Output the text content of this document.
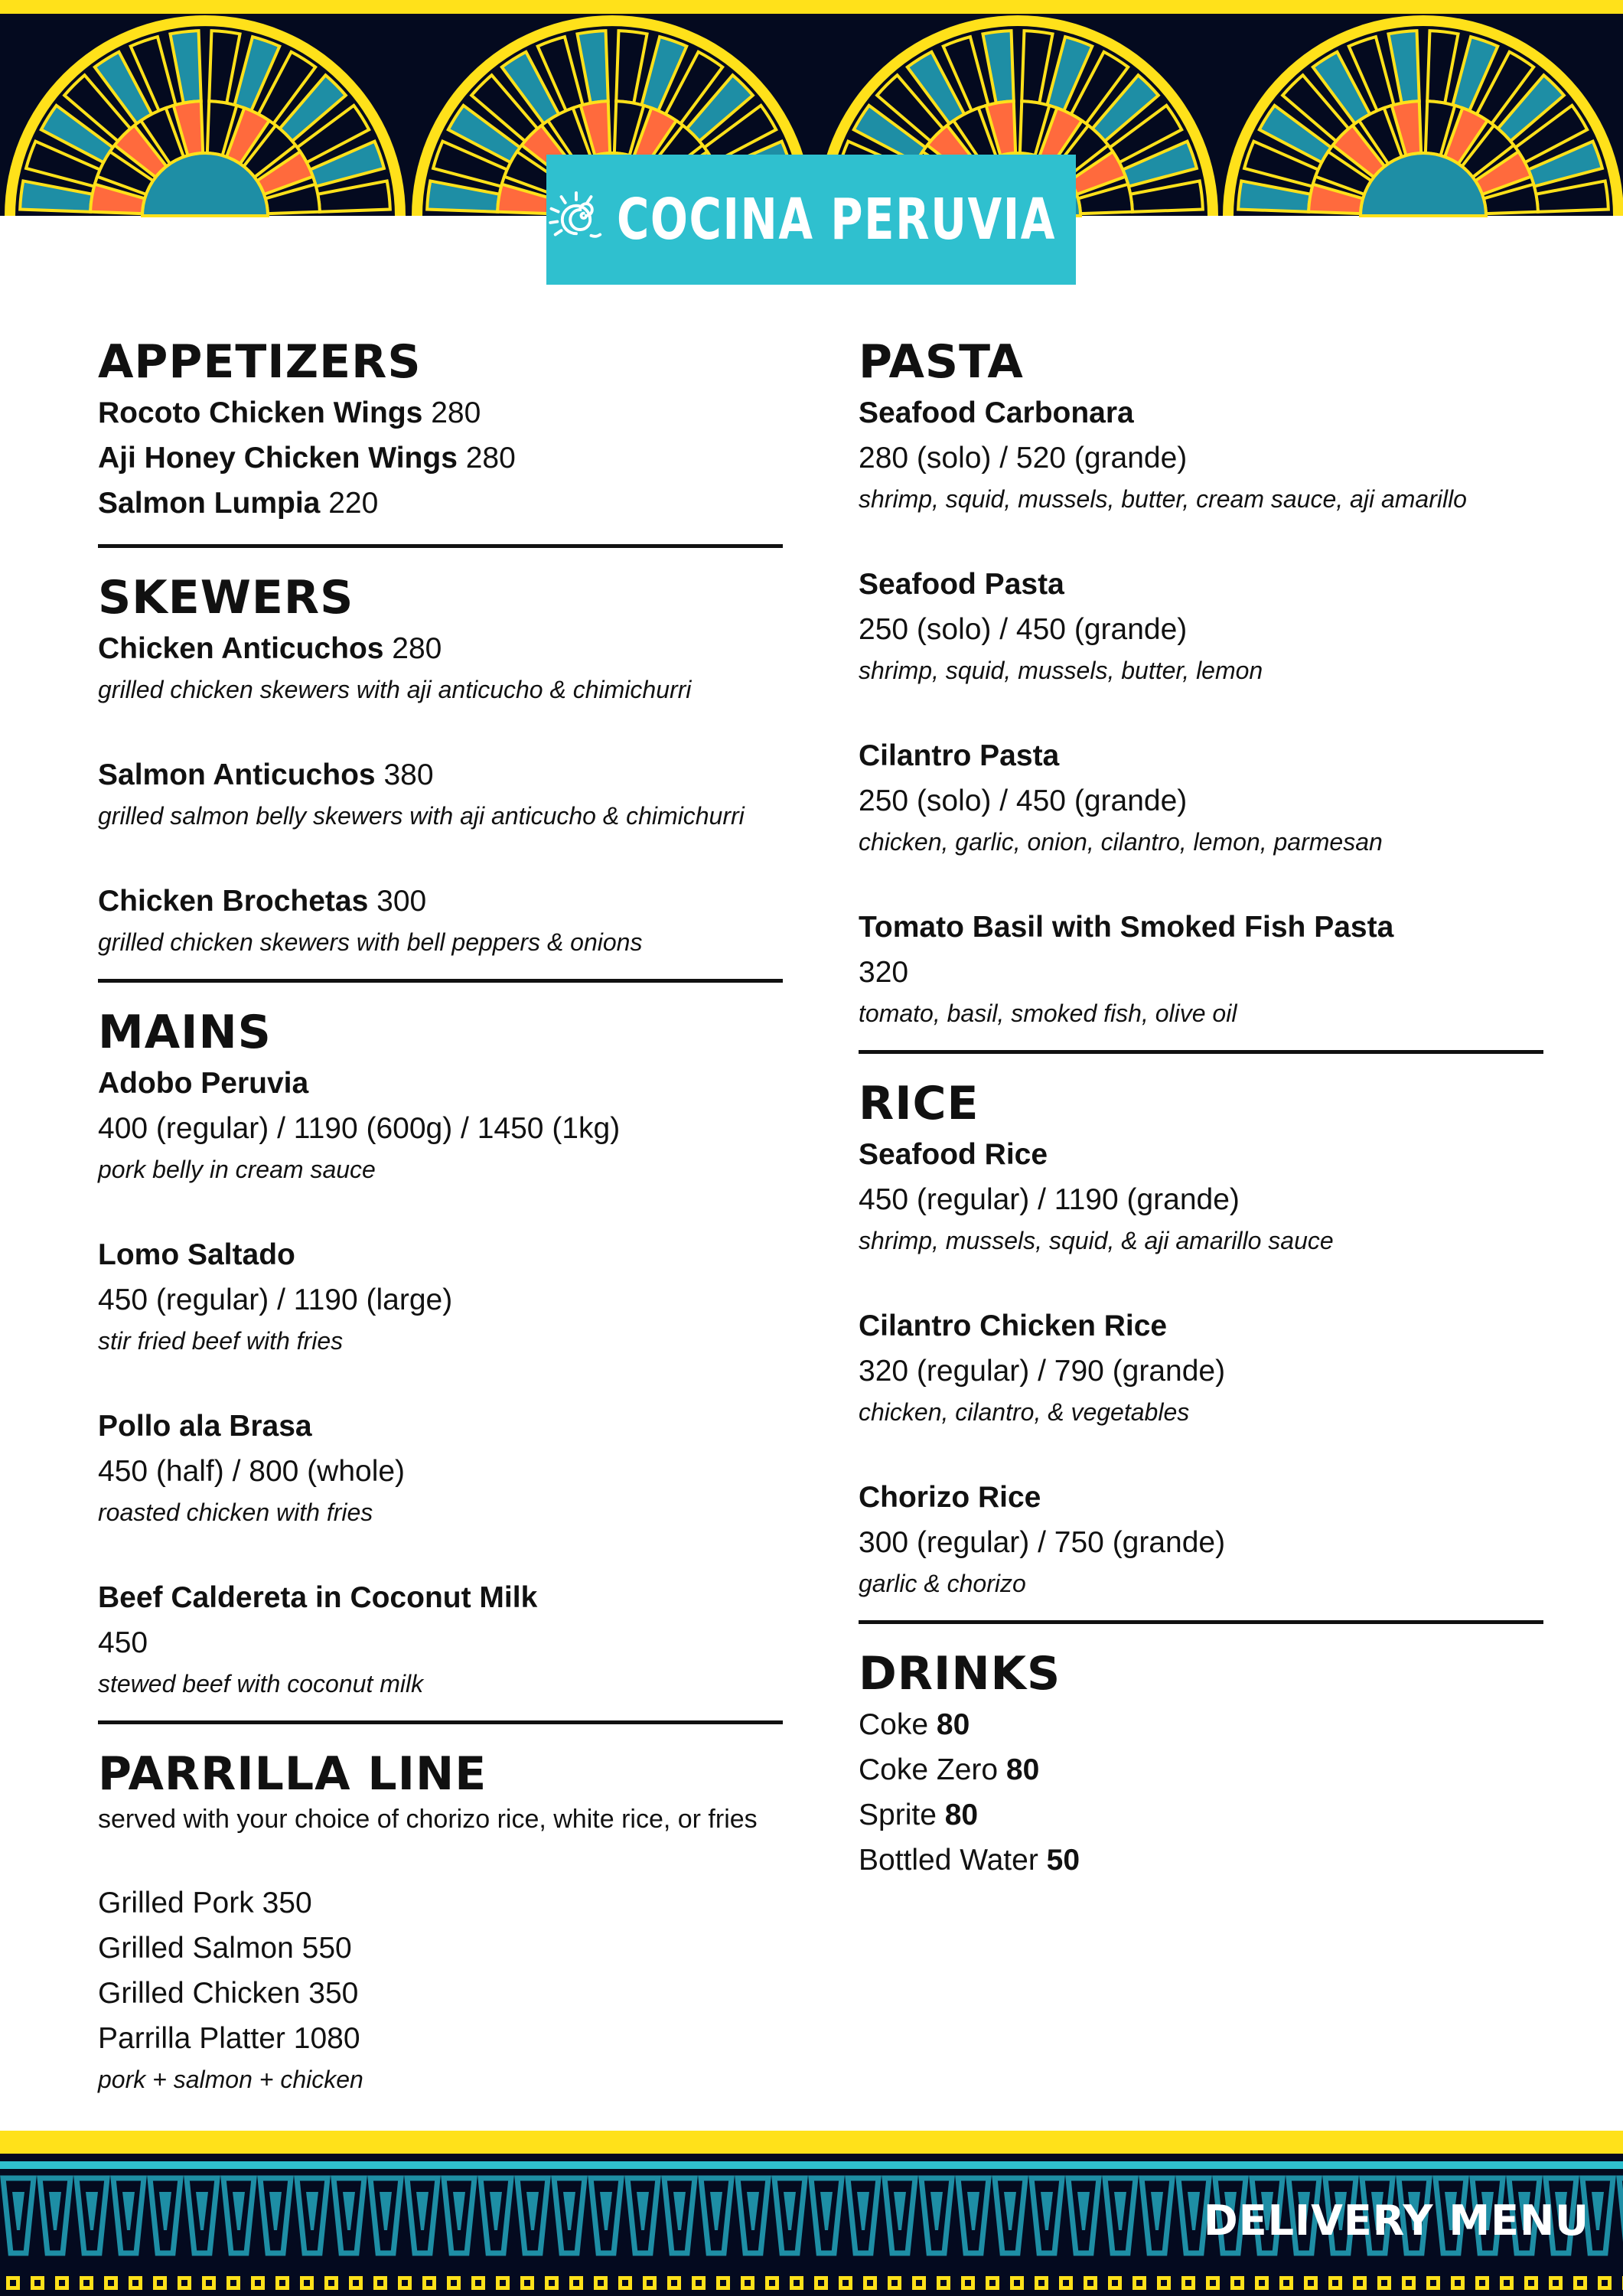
COCINA PERUVIA
APPETIZERS
Rocoto Chicken Wings 280
Aji Honey Chicken Wings 280
Salmon Lumpia 220
SKEWERS
Chicken Anticuchos 280
grilled chicken skewers with aji anticucho & chimichurri
Salmon Anticuchos 380
grilled salmon belly skewers with aji anticucho & chimichurri
Chicken Brochetas 300
grilled chicken skewers with bell peppers & onions
MAINS
Adobo Peruvia
400 (regular) / 1190 (600g) / 1450 (1kg)
pork belly in cream sauce
Lomo Saltado
450 (regular) / 1190 (large)
stir fried beef with fries
Pollo ala Brasa
450 (half) / 800 (whole)
roasted chicken with fries
Beef Caldereta in Coconut Milk
450
stewed beef with coconut milk
PARRILLA LINE
served with your choice of chorizo rice, white rice, or fries
Grilled Pork 350
Grilled Salmon 550
Grilled Chicken 350
Parrilla Platter 1080
pork + salmon + chicken
PASTA
Seafood Carbonara
280 (solo) / 520 (grande)
shrimp, squid, mussels, butter, cream sauce, aji amarillo
Seafood Pasta
250 (solo) / 450 (grande)
shrimp, squid, mussels, butter, lemon
Cilantro Pasta
250 (solo) / 450 (grande)
chicken, garlic, onion, cilantro, lemon, parmesan
Tomato Basil with Smoked Fish Pasta
320
tomato, basil, smoked fish, olive oil
RICE
Seafood Rice
450 (regular) / 1190 (grande)
shrimp, mussels, squid, & aji amarillo sauce
Cilantro Chicken Rice
320 (regular) / 790 (grande)
chicken, cilantro, & vegetables
Chorizo Rice
300 (regular) / 750 (grande)
garlic & chorizo
DRINKS
Coke 80
Coke Zero 80
Sprite 80
Bottled Water 50
DELIVERY MENU
